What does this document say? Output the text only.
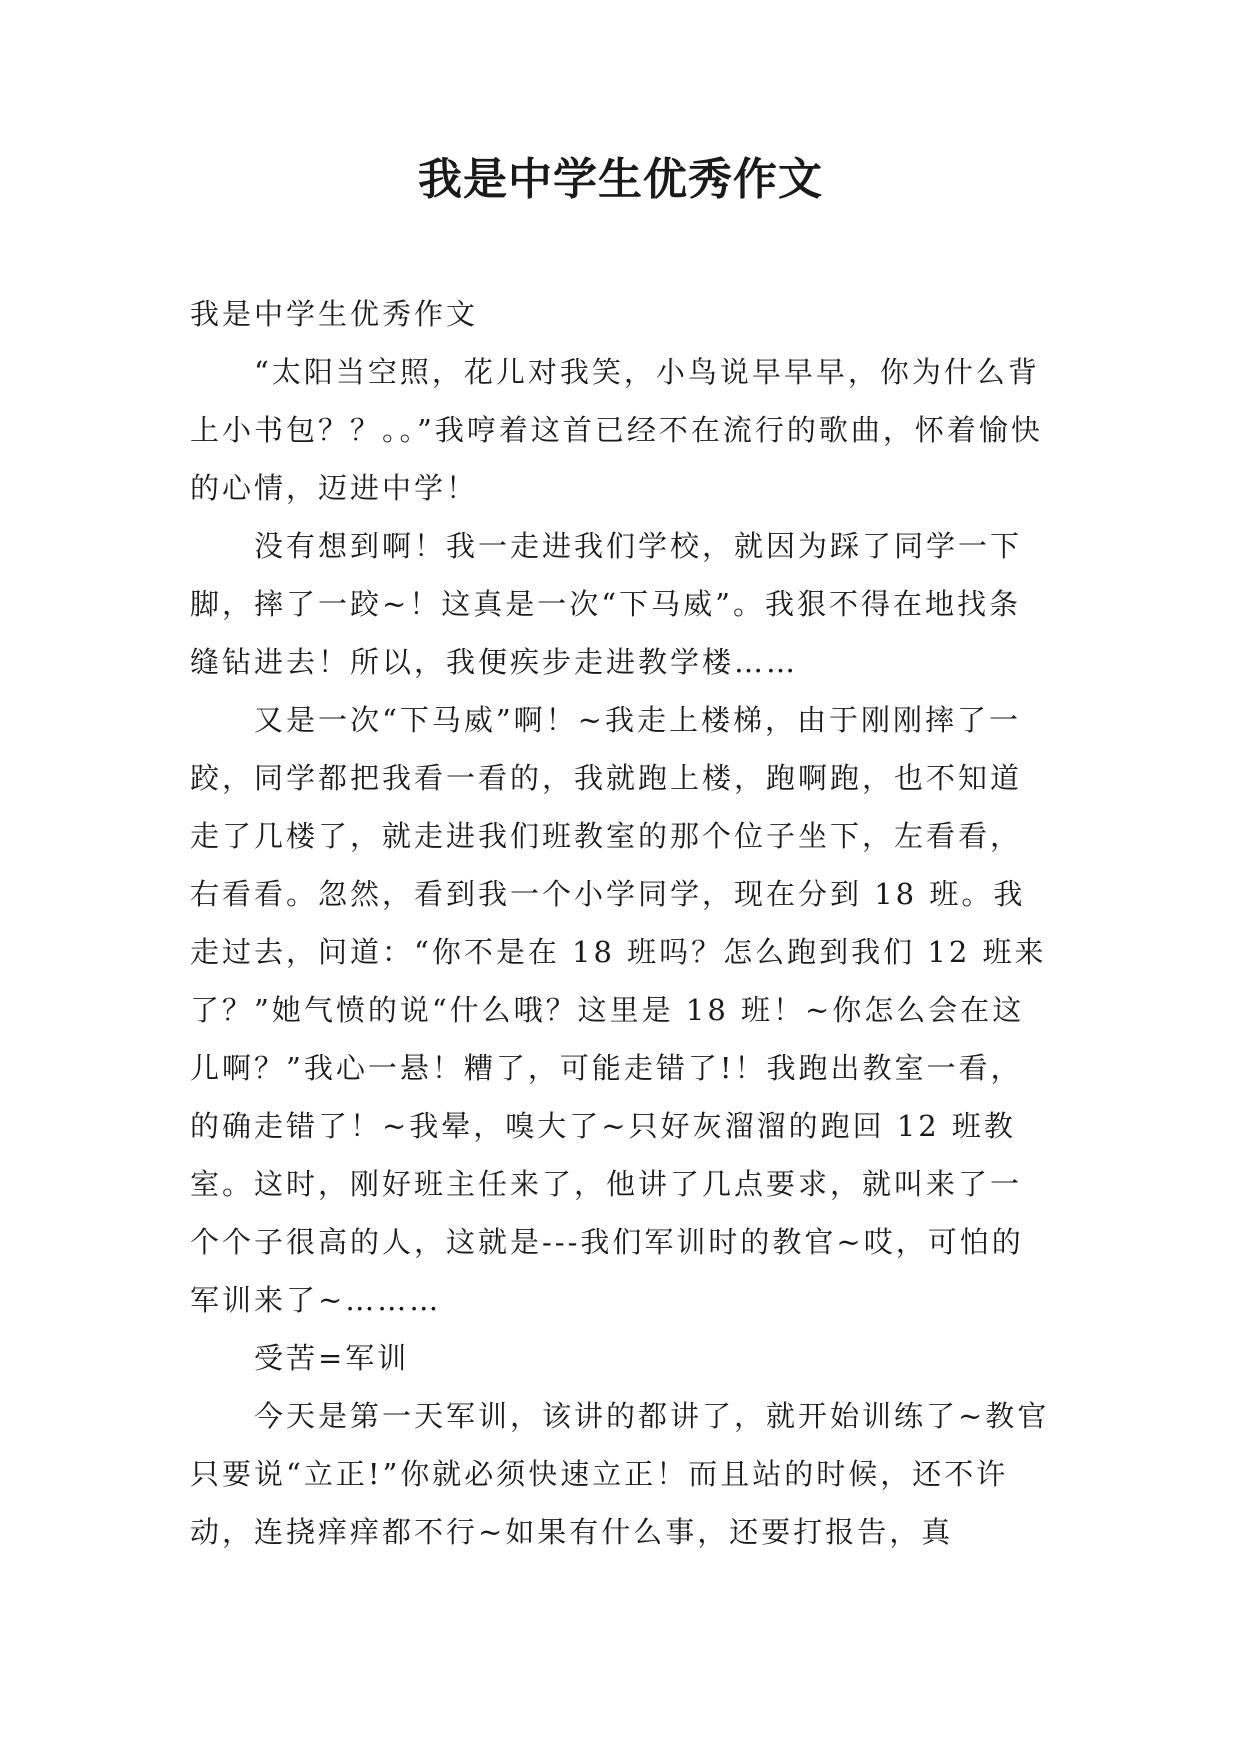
我是中学生优秀作文

我是中学生优秀作文

“太阳当空照，花儿对我笑，小鸟说早早早，你为什么背上小书包？？。。”我哼着这首已经不在流行的歌曲，怀着愉快的心情，迈进中学！

没有想到啊！我一走进我们学校，就因为踩了同学一下脚，摔了一跤~！这真是一次“下马威”。我狠不得在地找条缝钻进去！所以，我便疾步走进教学楼……

又是一次“下马威”啊！~我走上楼梯，由于刚刚摔了一跤，同学都把我看一看的，我就跑上楼，跑啊跑，也不知道走了几楼了，就走进我们班教室的那个位子坐下，左看看，右看看。忽然，看到我一个小学同学，现在分到 18 班。我走过去，问道：“你不是在 18 班吗？怎么跑到我们 12 班来了？”她气愤的说“什么哦？这里是 18 班！~你怎么会在这儿啊？”我心一悬！糟了，可能走错了!！我跑出教室一看，的确走错了！~我晕，嗅大了~只好灰溜溜的跑回 12 班教室。这时，刚好班主任来了，他讲了几点要求，就叫来了一个个子很高的人，这就是---我们军训时的教官~哎，可怕的军训来了~………

受苦=军训

今天是第一天军训，该讲的都讲了，就开始训练了~教官只要说“立正!”你就必须快速立正！而且站的时候，还不许动，连挠痒痒都不行~如果有什么事，还要打报告，真
